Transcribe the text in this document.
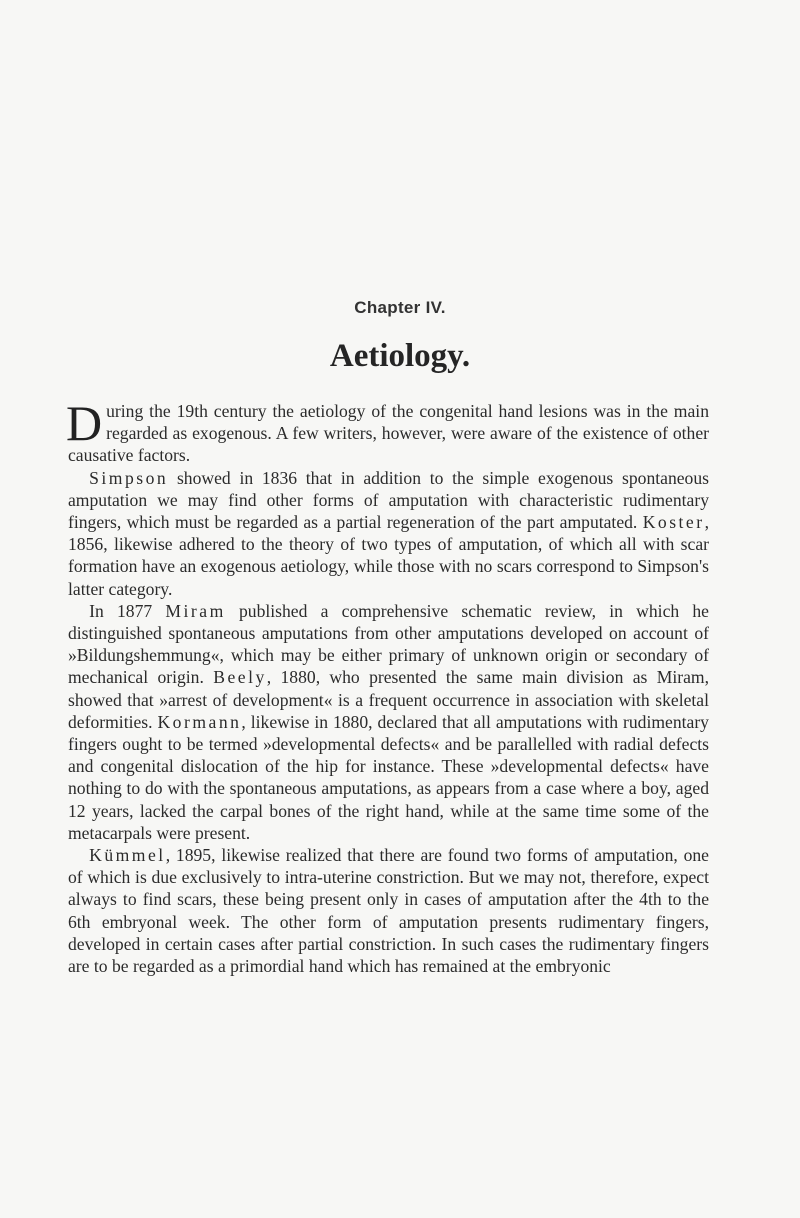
Chapter IV.
Aetiology.

During the 19th century the aetiology of the congenital hand lesions was in the main regarded as exogenous. A few writers, however, were aware of the existence of other causative factors.

Simpson showed in 1836 that in addition to the simple exogenous spontaneous amputation we may find other forms of amputation with characteristic rudimentary fingers, which must be regarded as a partial regeneration of the part amputated. Koster, 1856, likewise adhered to the theory of two types of amputation, of which all with scar formation have an exogenous aetiology, while those with no scars correspond to Simpson's latter category.

In 1877 Miram published a comprehensive schematic review, in which he distinguished spontaneous amputations from other amputations developed on account of »Bildungshemmung«, which may be either primary of unknown origin or secondary of mechanical origin. Beely, 1880, who presented the same main division as Miram, showed that »arrest of development« is a frequent occurrence in association with skeletal deformities. Kormann, likewise in 1880, declared that all amputations with rudimentary fingers ought to be termed »developmental defects« and be parallelled with radial defects and congenital dislocation of the hip for instance. These »developmental defects« have nothing to do with the spontaneous amputations, as appears from a case where a boy, aged 12 years, lacked the carpal bones of the right hand, while at the same time some of the metacarpals were present.

Kümmel, 1895, likewise realized that there are found two forms of amputation, one of which is due exclusively to intra-uterine constriction. But we may not, therefore, expect always to find scars, these being present only in cases of amputation after the 4th to the 6th embryonal week. The other form of amputation presents rudimentary fingers, developed in certain cases after partial constriction. In such cases the rudimentary fingers are to be regarded as a primordial hand which has remained at the embryonic
